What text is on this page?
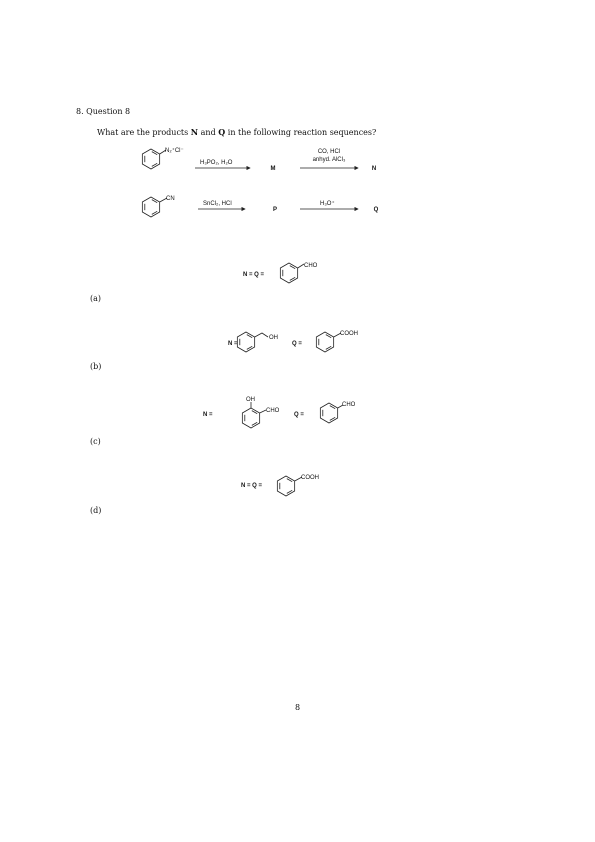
8. Question 8
What are the products N and Q in the following reaction sequences?
N₂⁺Cl⁻
H₃PO₂, H₂O
M
CO, HCl
anhyd. AlCl₃
N
CN
SnCl₂, HCl
P
H₃O⁺
Q
N = Q =
CHO
N =
OH
Q =
COOH
N =
OH
CHO
Q =
CHO
N = Q =
COOH
(a)
(b)
(c)
(d)
8
